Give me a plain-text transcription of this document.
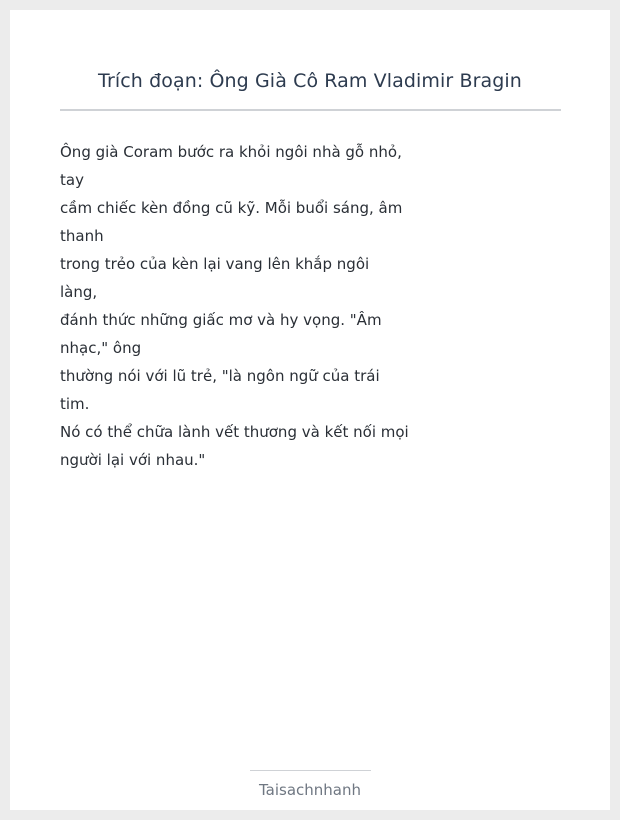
Trích đoạn: Ông Già Cô Ram Vladimir Bragin
Ông già Coram bước ra khỏi ngôi nhà gỗ nhỏ,
tay
cầm chiếc kèn đồng cũ kỹ. Mỗi buổi sáng, âm
thanh
trong trẻo của kèn lại vang lên khắp ngôi
làng,
đánh thức những giấc mơ và hy vọng. "Âm
nhạc," ông
thường nói với lũ trẻ, "là ngôn ngữ của trái
tim.
Nó có thể chữa lành vết thương và kết nối mọi
người lại với nhau."
Taisachnhanh
